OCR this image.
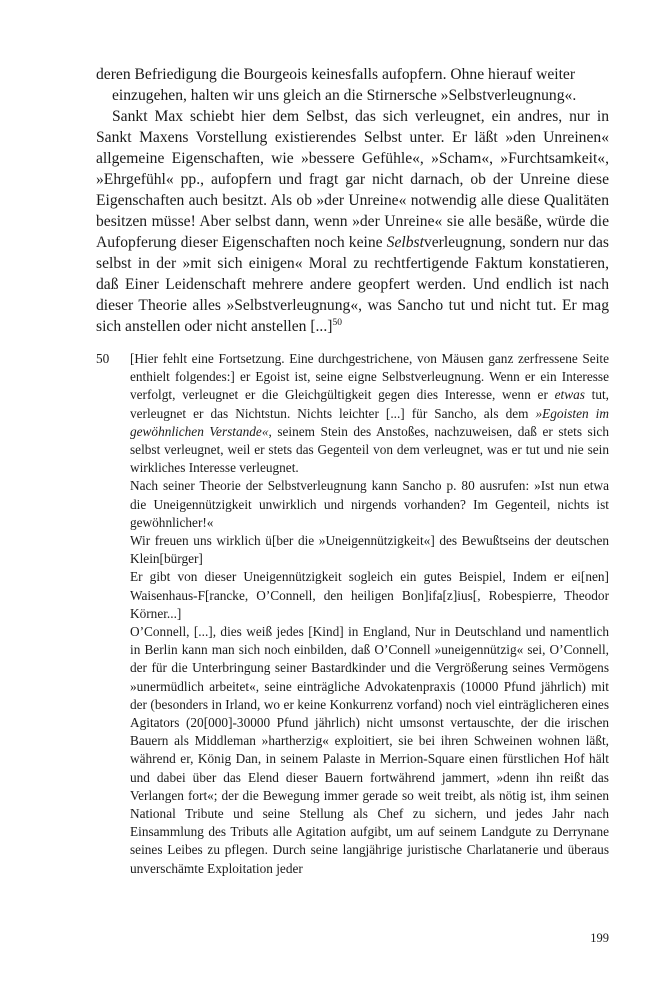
deren Befriedigung die Bourgeois keinesfalls aufopfern. Ohne hierauf weiter

einzugehen, halten wir uns gleich an die Stirnersche »Selbstverleugnung«.

Sankt Max schiebt hier dem Selbst, das sich verleugnet, ein andres, nur in Sankt Maxens Vorstellung existierendes Selbst unter. Er läßt »den Unreinen« allgemeine Eigenschaften, wie »bessere Gefühle«, »Scham«, »Furchtsamkeit«, »Ehrgefühl« pp., aufopfern und fragt gar nicht darnach, ob der Unreine diese Eigenschaften auch besitzt. Als ob »der Unreine« notwendig alle diese Qualitäten besitzen müsse! Aber selbst dann, wenn »der Unreine« sie alle besäße, würde die Aufopferung dieser Eigenschaften noch keine Selbstverleugnung, sondern nur das selbst in der »mit sich einigen« Moral zu rechtfertigende Faktum konstatieren, daß Einer Leidenschaft mehrere andere geopfert werden. Und endlich ist nach dieser Theorie alles »Selbstverleugnung«, was Sancho tut und nicht tut. Er mag sich anstellen oder nicht anstellen [...]$^{50}$

50 [Hier fehlt eine Fortsetzung. Eine durchgestrichene, von Mäusen ganz zerfressene Seite enthielt folgendes:] er Egoist ist, seine eigne Selbstverleugnung. Wenn er ein Interesse verfolgt, verleugnet er die Gleichgültigkeit gegen dies Interesse, wenn er etwas tut, verleugnet er das Nichtstun. Nichts leichter [...] für Sancho, als dem »Egoisten im gewöhnlichen Verstande«, seinem Stein des Anstoßes, nachzuweisen, daß er stets sich selbst verleugnet, weil er stets das Gegenteil von dem verleugnet, was er tut und nie sein wirkliches Interesse verleugnet.

Nach seiner Theorie der Selbstverleugnung kann Sancho p. 80 ausrufen: »Ist nun etwa die Uneigennützigkeit unwirklich und nirgends vorhanden? Im Gegenteil, nichts ist gewöhnlicher!«

Wir freuen uns wirklich ü[ber die »Uneigennützigkeit«] des Bewußtseins der deutschen Klein[bürger]

Er gibt von dieser Uneigennützigkeit sogleich ein gutes Beispiel, Indem er ei[nen] Waisenhaus-F[rancke, O’Connell, den heiligen Bon]ifa[z]ius[, Robespierre, Theodor Körner...]

O’Connell, [...], dies weiß jedes [Kind] in England, Nur in Deutschland und namentlich in Berlin kann man sich noch einbilden, daß O’Connell »uneigennützig« sei, O’Connell, der für die Unterbringung seiner Bastardkinder und die Vergrößerung seines Vermögens »unermüdlich arbeitet«, seine einträgliche Advokatenpraxis (10000 Pfund jährlich) mit der (besonders in Irland, wo er keine Konkurrenz vorfand) noch viel einträglicheren eines Agitators (20[000]-30000 Pfund jährlich) nicht umsonst vertauschte, der die irischen Bauern als Middleman »hartherzig« exploitiert, sie bei ihren Schweinen wohnen läßt, während er, König Dan, in seinem Palaste in Merrion-Square einen fürstlichen Hof hält und dabei über das Elend dieser Bauern fortwährend jammert, »denn ihn reißt das Verlangen fort«; der die Bewegung immer gerade so weit treibt, als nötig ist, ihm seinen National Tribute und seine Stellung als Chef zu sichern, und jedes Jahr nach Einsammlung des Tributs alle Agitation aufgibt, um auf seinem Landgute zu Derrynane seines Leibes zu pflegen. Durch seine langjährige juristische Charlatanerie und überaus unverschämte Exploitation jeder

199
